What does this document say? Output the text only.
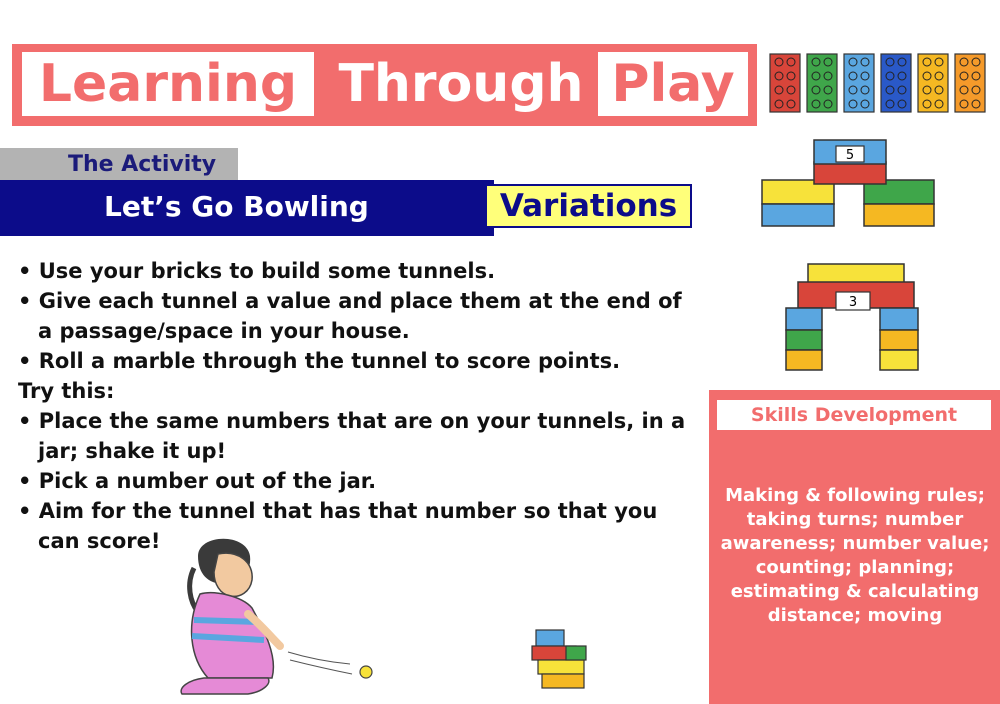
Learning Through Play
The Activity
Let’s Go Bowling	Variations
5
3
• Use your bricks to build some tunnels.
• Give each tunnel a value and place them at the end of
a passage/space in your house.
• Roll a marble through the tunnel to score points.
Try this:
• Place the same numbers that are on your tunnels, in a
jar; shake it up!
• Pick a number out of the jar.
• Aim for the tunnel that has that number so that you
can score!
Skills Development
Making & following rules; taking turns; number awareness; number value; counting; planning; estimating & calculating distance; moving
